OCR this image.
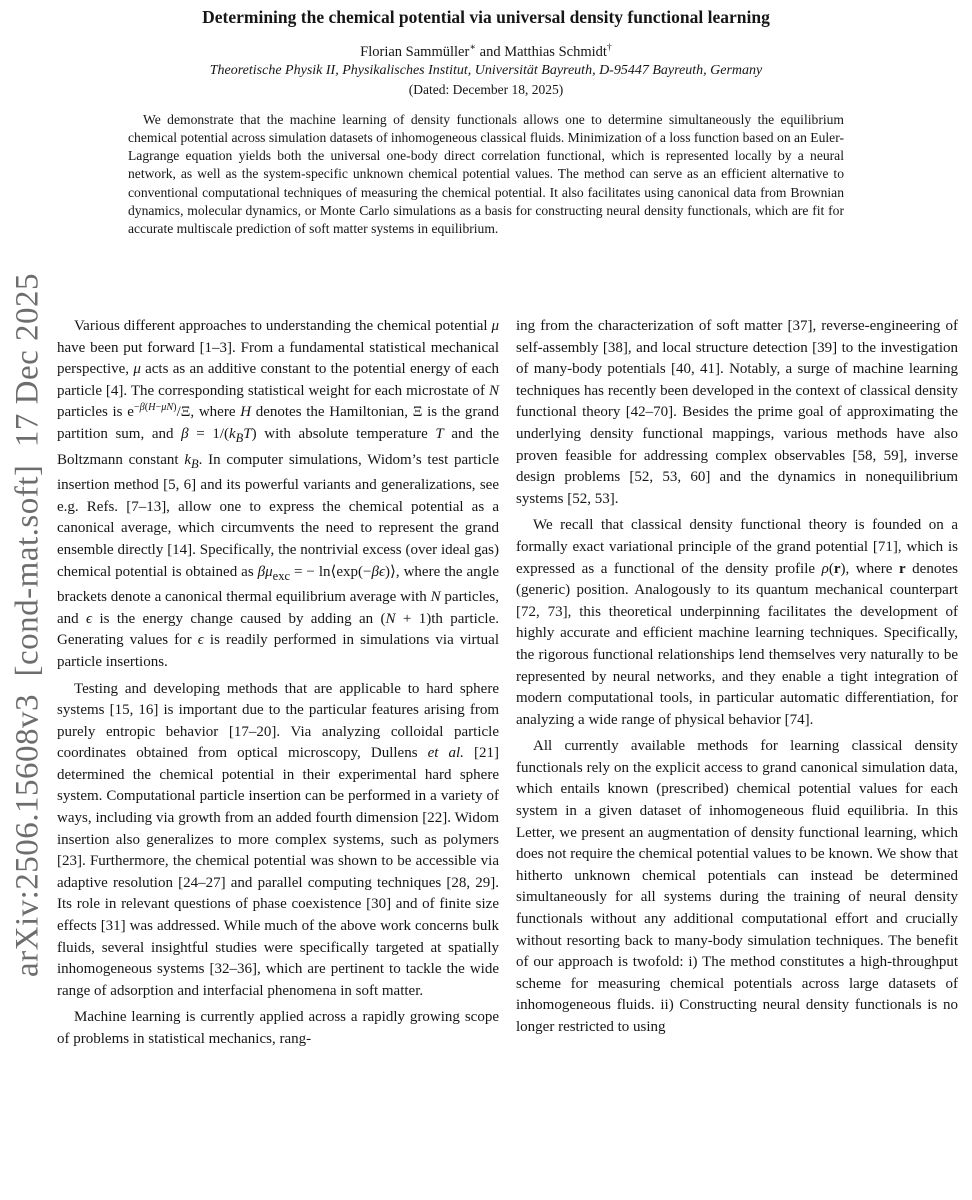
arXiv:2506.15608v3  [cond-mat.soft]  17 Dec 2025
Determining the chemical potential via universal density functional learning
Florian Sammüller∗ and Matthias Schmidt†
Theoretische Physik II, Physikalisches Institut, Universität Bayreuth, D-95447 Bayreuth, Germany
(Dated: December 18, 2025)
We demonstrate that the machine learning of density functionals allows one to determine simultaneously the equilibrium chemical potential across simulation datasets of inhomogeneous classical fluids. Minimization of a loss function based on an Euler-Lagrange equation yields both the universal one-body direct correlation functional, which is represented locally by a neural network, as well as the system-specific unknown chemical potential values. The method can serve as an efficient alternative to conventional computational techniques of measuring the chemical potential. It also facilitates using canonical data from Brownian dynamics, molecular dynamics, or Monte Carlo simulations as a basis for constructing neural density functionals, which are fit for accurate multiscale prediction of soft matter systems in equilibrium.

Various different approaches to understanding the chemical potential μ have been put forward [1–3]. From a fundamental statistical mechanical perspective, μ acts as an additive constant to the potential energy of each particle [4]. The corresponding statistical weight for each microstate of N particles is $e^{-\beta(H-\mu N)}/\Xi$, where H denotes the Hamiltonian, Ξ is the grand partition sum, and $\beta = 1/(k_BT)$ with absolute temperature T and the Boltzmann constant $k_B$. In computer simulations, Widom’s test particle insertion method [5, 6] and its powerful variants and generalizations, see e.g. Refs. [7–13], allow one to express the chemical potential as a canonical average, which circumvents the need to represent the grand ensemble directly [14]. Specifically, the nontrivial excess (over ideal gas) chemical potential is obtained as $\beta\mu_{exc}$ = − ln⟨exp(−βϵ)⟩, where the angle brackets denote a canonical thermal equilibrium average with N particles, and ϵ is the energy change caused by adding an (N + 1)th particle. Generating values for ϵ is readily performed in simulations via virtual particle insertions.

Testing and developing methods that are applicable to hard sphere systems [15, 16] is important due to the particular features arising from purely entropic behavior [17–20]. Via analyzing colloidal particle coordinates obtained from optical microscopy, Dullens et al. [21] determined the chemical potential in their experimental hard sphere system. Computational particle insertion can be performed in a variety of ways, including via growth from an added fourth dimension [22]. Widom insertion also generalizes to more complex systems, such as polymers [23]. Furthermore, the chemical potential was shown to be accessible via adaptive resolution [24–27] and parallel computing techniques [28, 29]. Its role in relevant questions of phase coexistence [30] and of finite size effects [31] was addressed. While much of the above work concerns bulk fluids, several insightful studies were specifically targeted at spatially inhomogeneous systems [32–36], which are pertinent to tackle the wide range of adsorption and interfacial phenomena in soft matter.

Machine learning is currently applied across a rapidly growing scope of problems in statistical mechanics, rang-

ing from the characterization of soft matter [37], reverse-engineering of self-assembly [38], and local structure detection [39] to the investigation of many-body potentials [40, 41]. Notably, a surge of machine learning techniques has recently been developed in the context of classical density functional theory [42–70]. Besides the prime goal of approximating the underlying density functional mappings, various methods have also proven feasible for addressing complex observables [58, 59], inverse design problems [52, 53, 60] and the dynamics in nonequilibrium systems [52, 53].

We recall that classical density functional theory is founded on a formally exact variational principle of the grand potential [71], which is expressed as a functional of the density profile ρ(r), where r denotes (generic) position. Analogously to its quantum mechanical counterpart [72, 73], this theoretical underpinning facilitates the development of highly accurate and efficient machine learning techniques. Specifically, the rigorous functional relationships lend themselves very naturally to be represented by neural networks, and they enable a tight integration of modern computational tools, in particular automatic differentiation, for analyzing a wide range of physical behavior [74].

All currently available methods for learning classical density functionals rely on the explicit access to grand canonical simulation data, which entails known (prescribed) chemical potential values for each system in a given dataset of inhomogeneous fluid equilibria. In this Letter, we present an augmentation of density functional learning, which does not require the chemical potential values to be known. We show that hitherto unknown chemical potentials can instead be determined simultaneously for all systems during the training of neural density functionals without any additional computational effort and crucially without resorting back to many-body simulation techniques. The benefit of our approach is twofold: i) The method constitutes a high-throughput scheme for measuring chemical potentials across large datasets of inhomogeneous fluids. ii) Constructing neural density functionals is no longer restricted to using
